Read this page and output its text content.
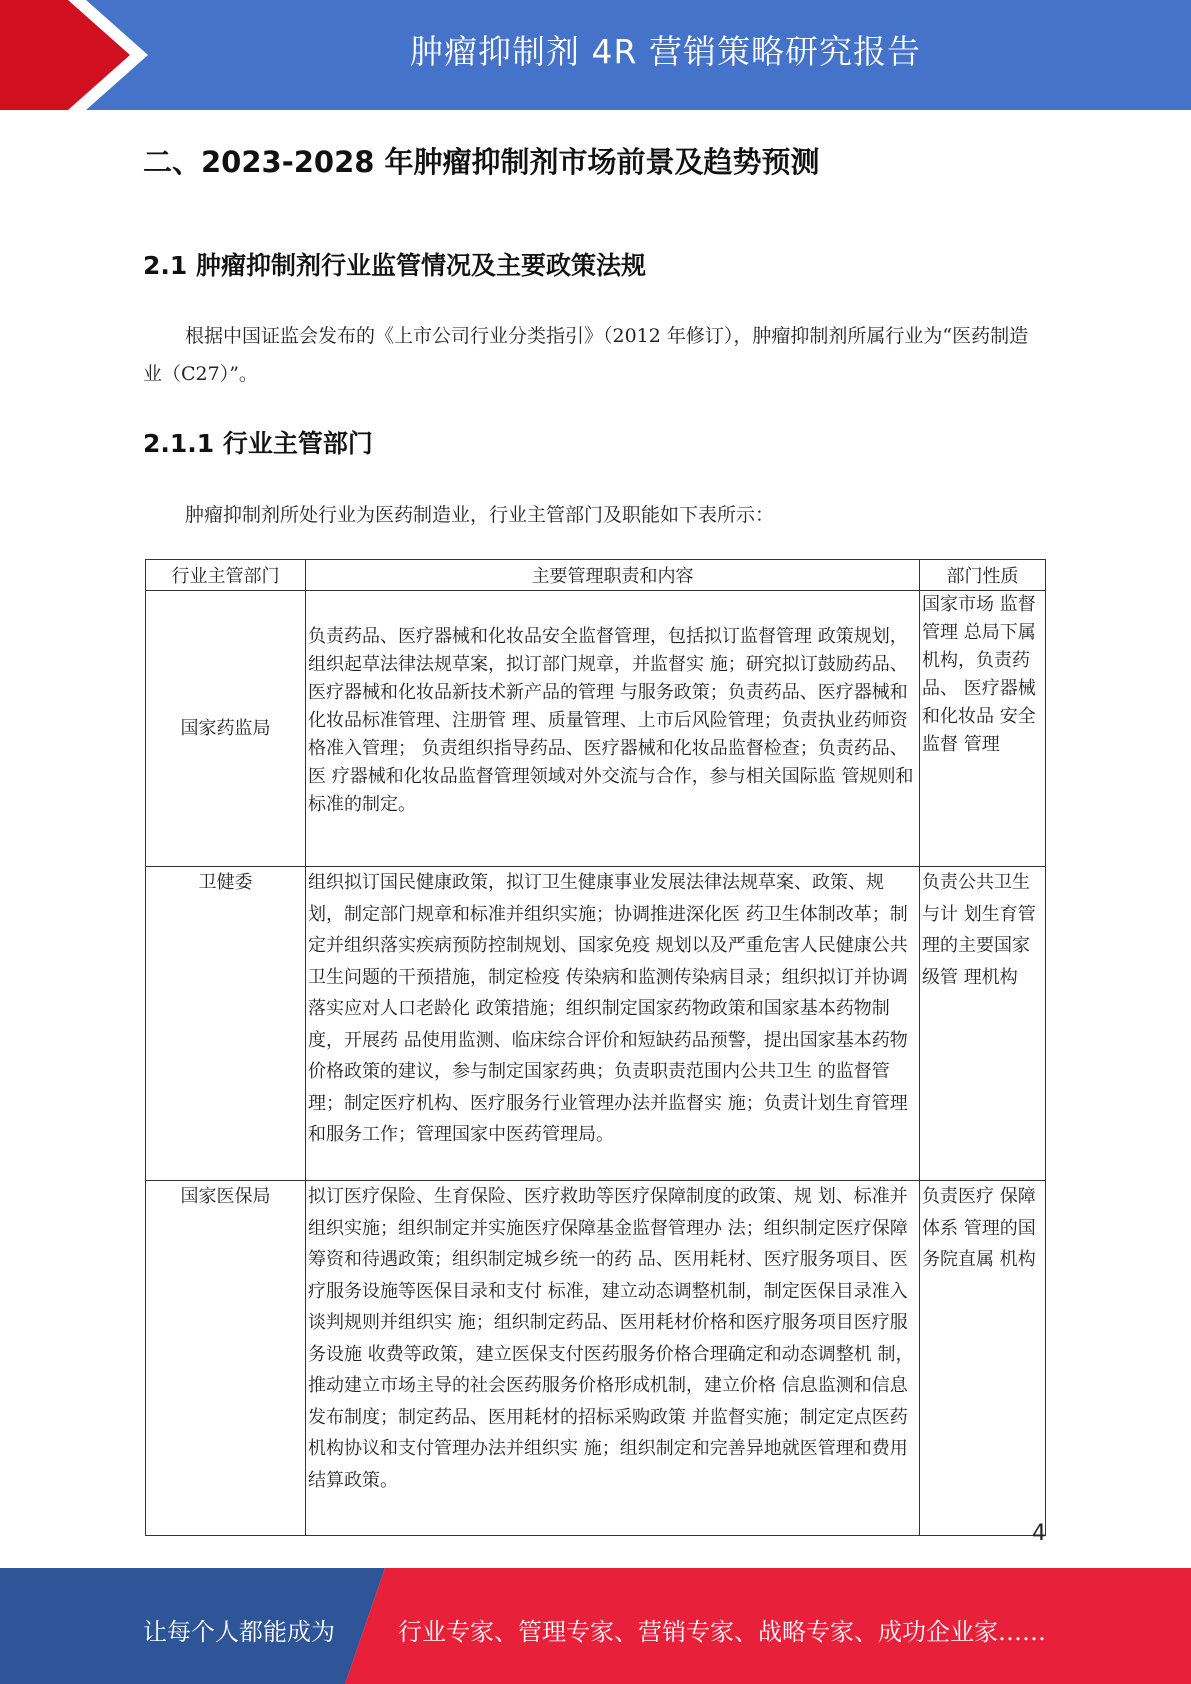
肿瘤抑制剂 4R 营销策略研究报告
二、2023-2028 年肿瘤抑制剂市场前景及趋势预测
2.1 肿瘤抑制剂行业监管情况及主要政策法规
根据中国证监会发布的《上市公司行业分类指引》（2012 年修订），肿瘤抑制剂所属行业为“医药制造业（C27）”。
2.1.1 行业主管部门
肿瘤抑制剂所处行业为医药制造业，行业主管部门及职能如下表所示：
行业主管部门	主要管理职责和内容	部门性质
国家药监局	负责药品、医疗器械和化妆品安全监督管理，包括拟订监督管理 政策规划，组织起草法律法规草案，拟订部门规章，并监督实 施；研究拟订鼓励药品、医疗器械和化妆品新技术新产品的管理 与服务政策；负责药品、医疗器械和化妆品标准管理、注册管 理、质量管理、上市后风险管理；负责执业药师资格准入管理； 负责组织指导药品、医疗器械和化妆品监督检查；负责药品、医 疗器械和化妆品监督管理领域对外交流与合作，参与相关国际监 管规则和标准的制定。	国家市场 监督管理 总局下属 机构，负责药品、 医疗器械 和化妆品 安全监督 管理
卫健委	组织拟订国民健康政策，拟订卫生健康事业发展法律法规草案、政策、规划，制定部门规章和标准并组织实施；协调推进深化医 药卫生体制改革；制定并组织落实疾病预防控制规划、国家免疫 规划以及严重危害人民健康公共卫生问题的干预措施，制定检疫 传染病和监测传染病目录；组织拟订并协调落实应对人口老龄化 政策措施；组织制定国家药物政策和国家基本药物制度，开展药 品使用监测、临床综合评价和短缺药品预警，提出国家基本药物 价格政策的建议，参与制定国家药典；负责职责范围内公共卫生 的监督管理；制定医疗机构、医疗服务行业管理办法并监督实 施；负责计划生育管理和服务工作；管理国家中医药管理局。	负责公共卫生与计 划生育管 理的主要国家级管 理机构
国家医保局	拟订医疗保险、生育保险、医疗救助等医疗保障制度的政策、规 划、标准并组织实施；组织制定并实施医疗保障基金监督管理办 法；组织制定医疗保障筹资和待遇政策；组织制定城乡统一的药 品、医用耗材、医疗服务项目、医疗服务设施等医保目录和支付 标准，建立动态调整机制，制定医保目录准入谈判规则并组织实 施；组织制定药品、医用耗材价格和医疗服务项目医疗服务设施 收费等政策，建立医保支付医药服务价格合理确定和动态调整机 制，推动建立市场主导的社会医药服务价格形成机制，建立价格 信息监测和信息发布制度；制定药品、医用耗材的招标采购政策 并监督实施；制定定点医药机构协议和支付管理办法并组织实 施；组织制定和完善异地就医管理和费用结算政策。	负责医疗 保障体系 管理的国 务院直属 机构
4
让每个人都能成为	行业专家、管理专家、营销专家、战略专家、成功企业家……
